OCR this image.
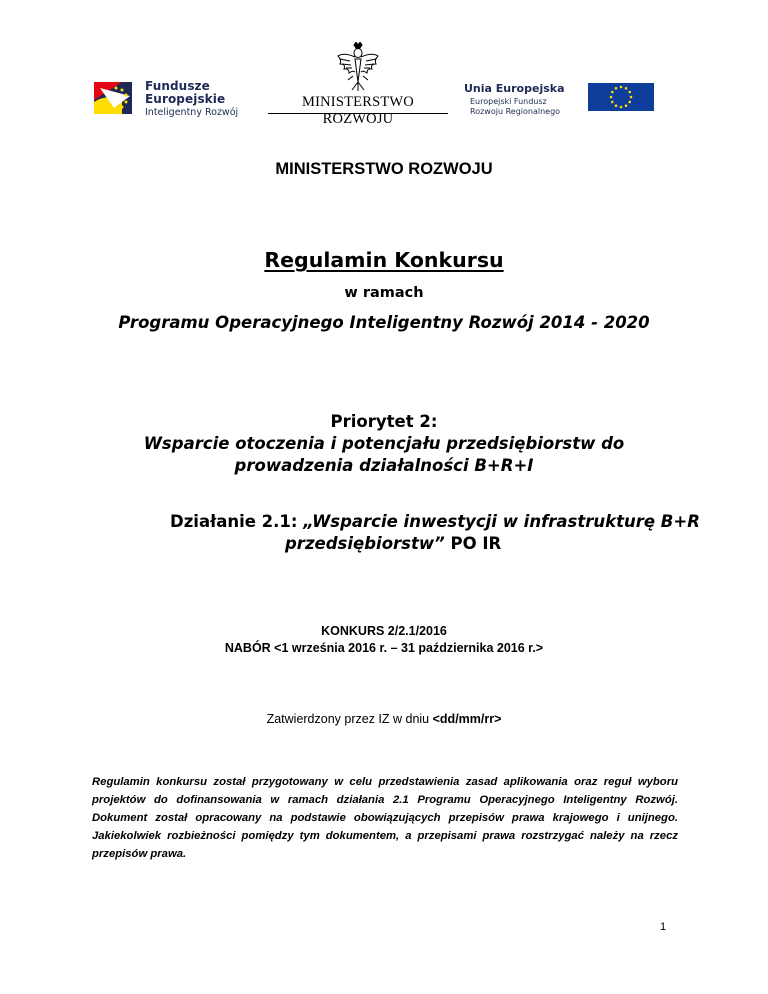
Fundusze
Europejskie
Inteligentny Rozwój
MINISTERSTWO ROZWOJU
Unia Europejska
Europejski Fundusz
Rozwoju Regionalnego
MINISTERSTWO ROZWOJU
Regulamin Konkursu
w ramach
Programu Operacyjnego Inteligentny Rozwój 2014 - 2020
Priorytet 2:
Wsparcie otoczenia i potencjału przedsiębiorstw do
prowadzenia działalności B+R+I
Działanie 2.1: „Wsparcie inwestycji w infrastrukturę B+R
przedsiębiorstw” PO IR
KONKURS 2/2.1/2016
NABÓR <1 września 2016 r. – 31 października 2016 r.>
Zatwierdzony przez IZ w dniu <dd/mm/rr>
Regulamin konkursu został przygotowany w celu przedstawienia zasad aplikowania oraz reguł wyboru projektów do dofinansowania w ramach działania 2.1 Programu Operacyjnego Inteligentny Rozwój. Dokument został opracowany na podstawie obowiązujących przepisów prawa krajowego i unijnego. Jakiekolwiek rozbieżności pomiędzy tym dokumentem, a przepisami prawa rozstrzygać należy na rzecz przepisów prawa.
1
